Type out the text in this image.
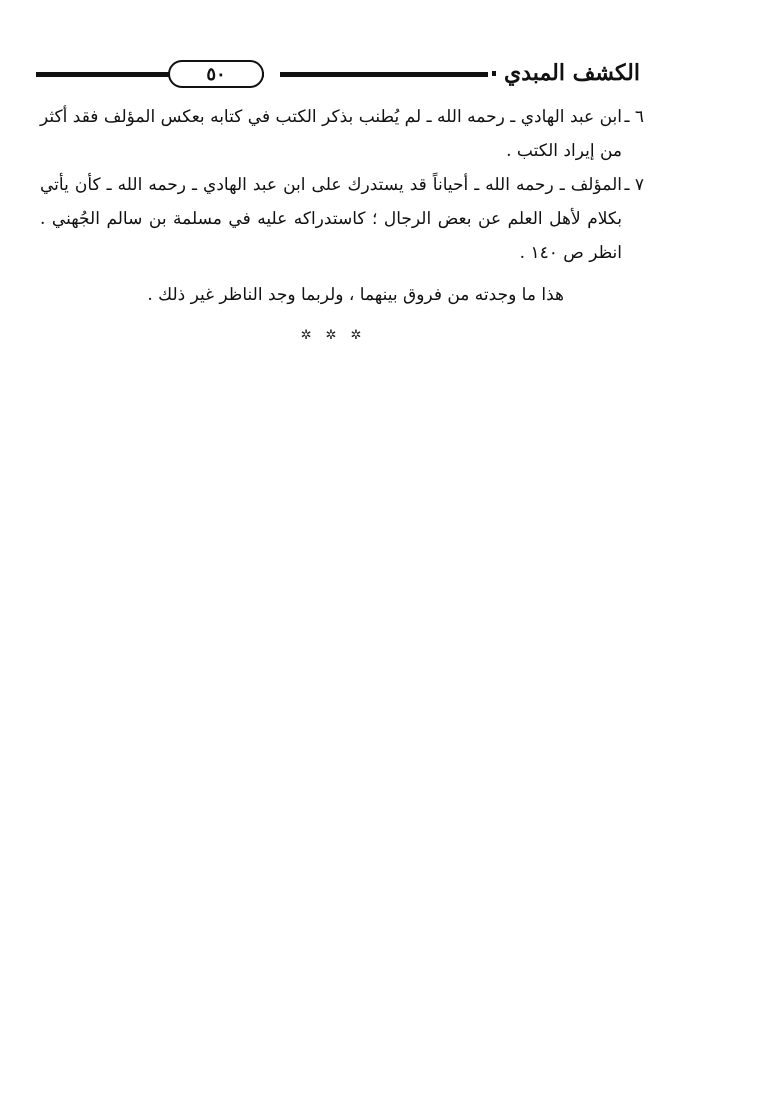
الكشف المبدي
٥٠

٦ ـابن عبد الهادي ـ رحمه الله ـ لم يُطنب بذكر الكتب في كتابه بعكس المؤلف فقد أكثر من إيراد الكتب .

٧ ـالمؤلف ـ رحمه الله ـ أحياناً قد يستدرك على ابن عبد الهادي ـ رحمه الله ـ كأن يأتي بكلام لأهل العلم عن بعض الرجال ؛ كاستدراكه عليه في مسلمة بن سالم الجُهني . انظر ص ١٤٠ .

هذا ما وجدته من فروق بينهما ، ولربما وجد الناظر غير ذلك .

✲✲✲
